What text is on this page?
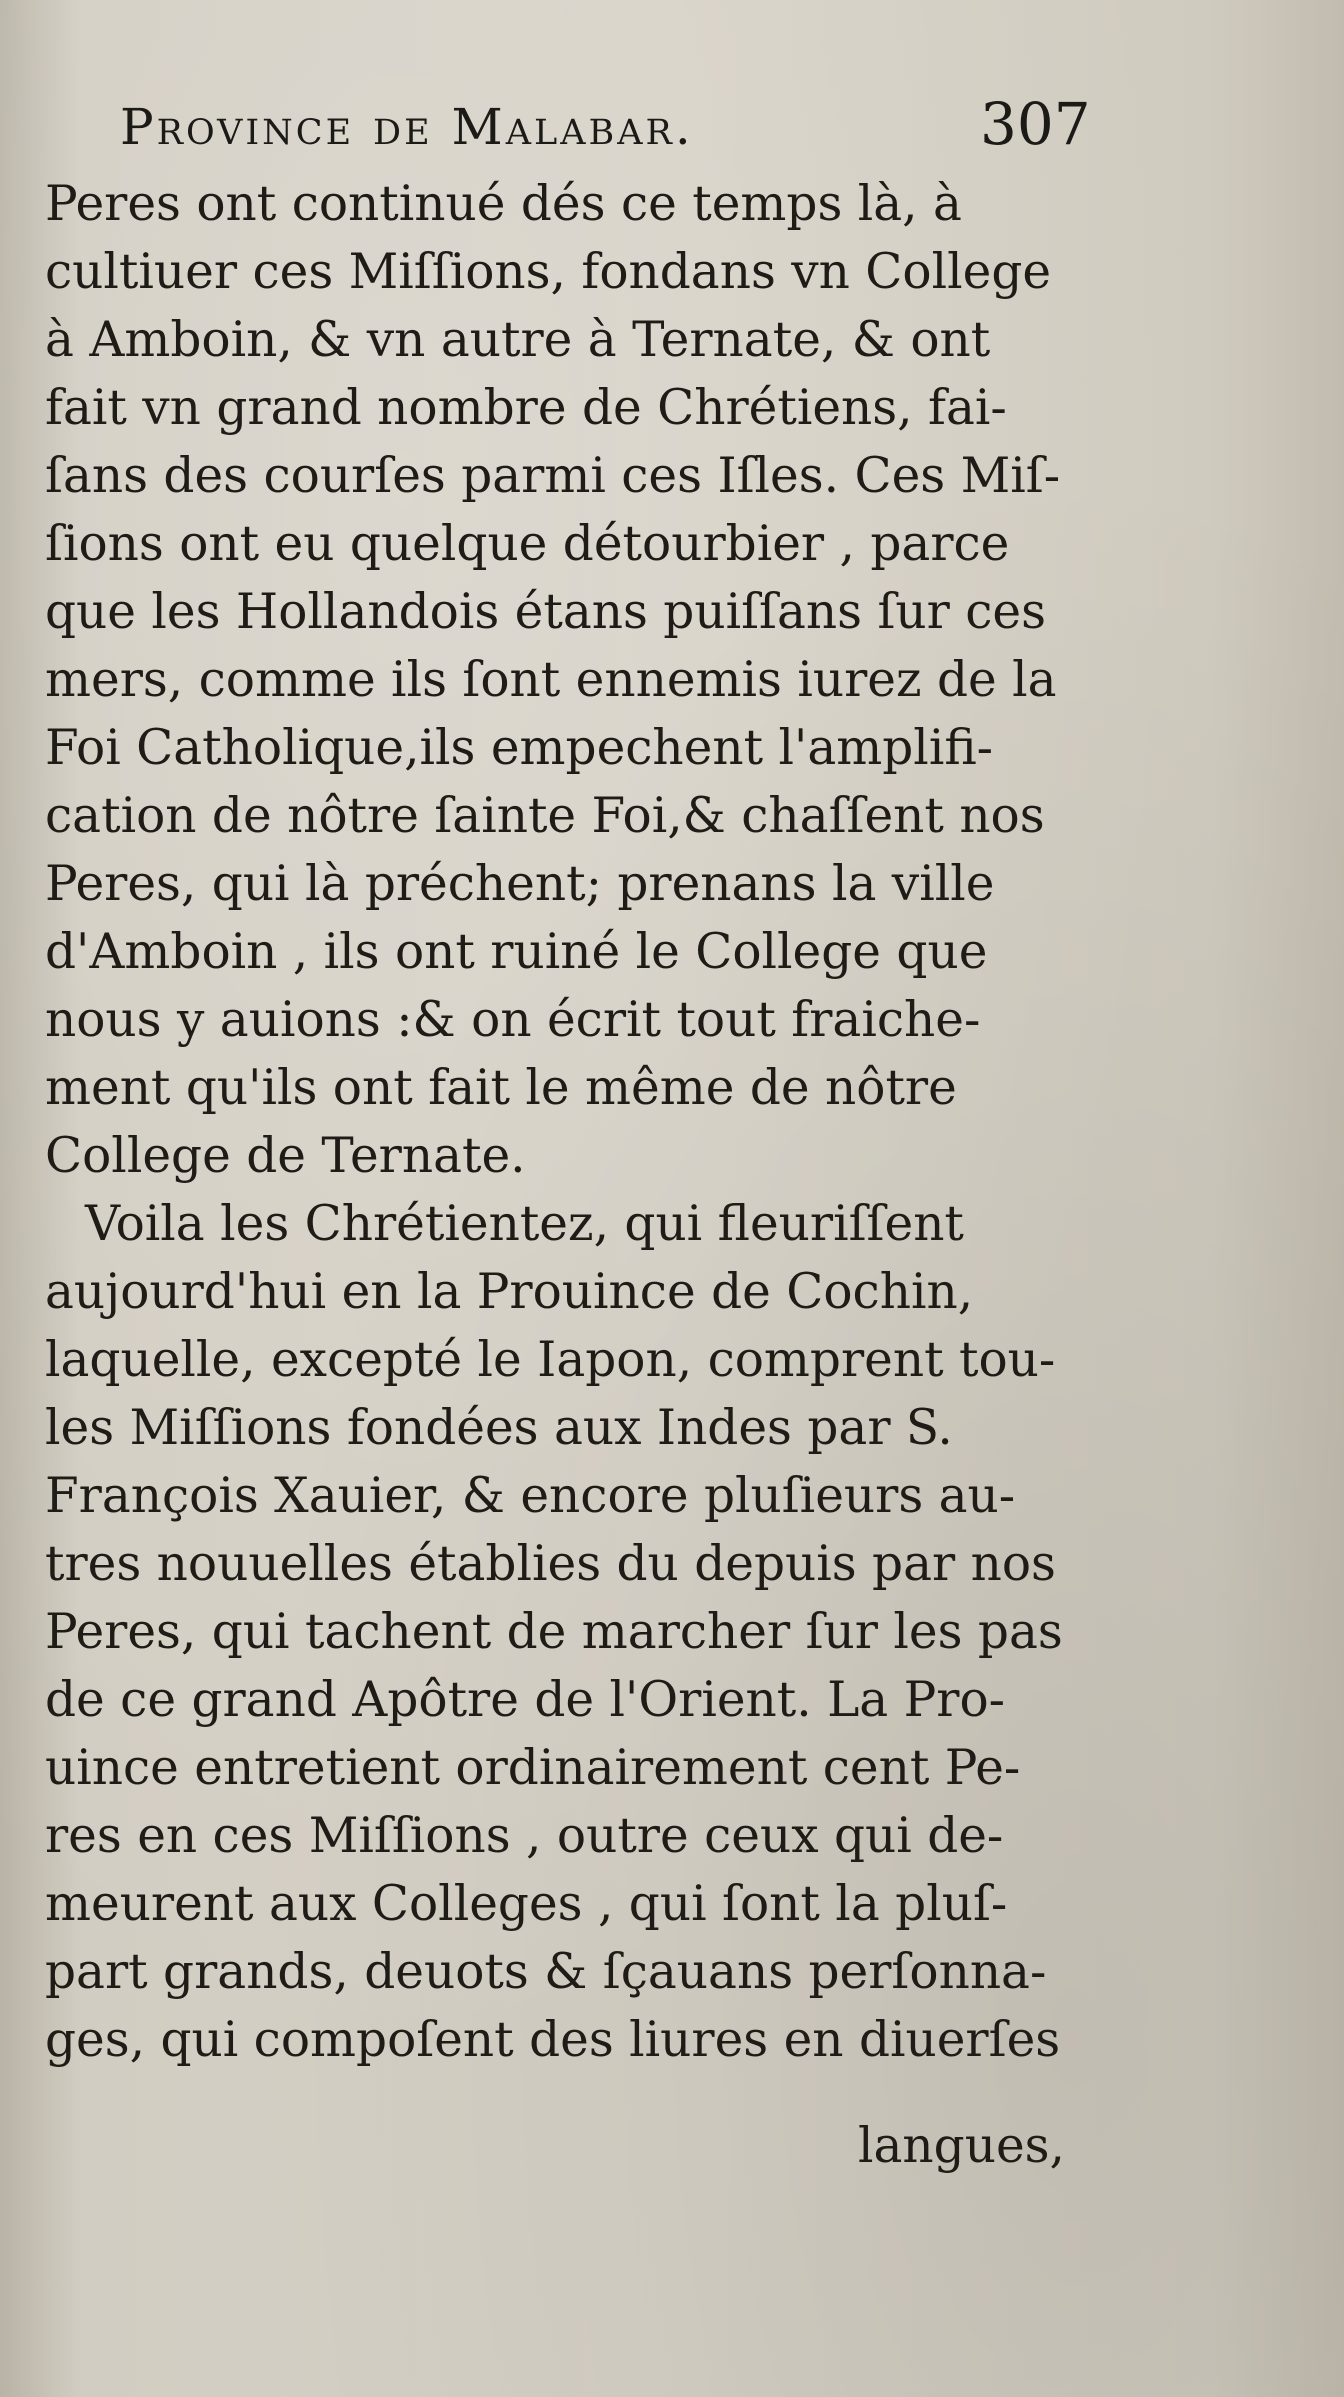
Province de Malabar.	307
Peres ont continué dés ce temps là, à
cultiuer ces Miſſions, fondans vn College
à Amboin, & vn autre à Ternate, & ont
fait vn grand nombre de Chrétiens, fai-
ſans des courſes parmi ces Iſles. Ces Miſ-
ſions ont eu quelque détourbier , parce
que les Hollandois étans puiſſans ſur ces
mers, comme ils ſont ennemis iurez de la
Foi Catholique,ils empechent l'amplifi-
cation de nôtre ſainte Foi,& chaſſent nos
Peres, qui là préchent; prenans la ville
d'Amboin , ils ont ruiné le College que
nous y auions :& on écrit tout fraiche-
ment qu'ils ont fait le même de nôtre
College de Ternate.
Voila les Chrétientez, qui fleuriſſent
aujourd'hui en la Prouince de Cochin,
laquelle, excepté le Iapon, comprent tou-
les Miſſions fondées aux Indes par S.
François Xauier, & encore pluſieurs au-
tres nouuelles établies du depuis par nos
Peres, qui tachent de marcher ſur les pas
de ce grand Apôtre de l'Orient. La Pro-
uince entretient ordinairement cent Pe-
res en ces Miſſions , outre ceux qui de-
meurent aux Colleges , qui ſont la pluſ-
part grands, deuots & ſçauans perſonna-
ges, qui compoſent des liures en diuerſes
langues,
